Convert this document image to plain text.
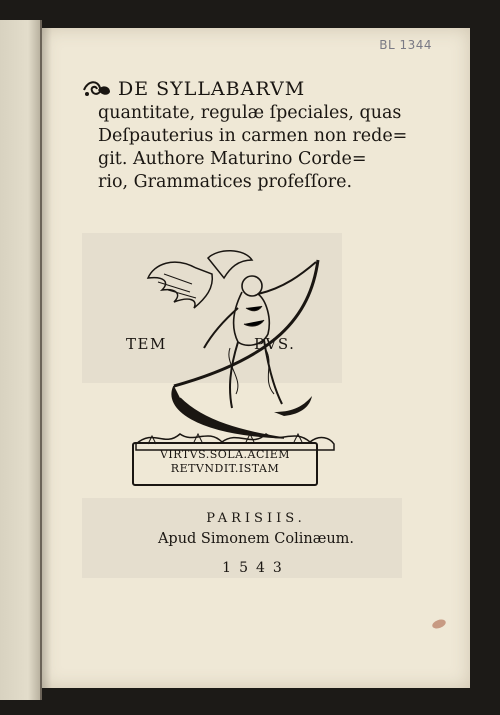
BL 1344
DE SYLLABARVM
quantitate, regulæ ſpeciales, quas
Deſpauterius in carmen non rede=
git. Authore Maturino Corde=
rio, Grammatices profeſſore.
TEM	PVS.
VIRTVS.SOLA.ACIEM
RETVNDIT.ISTAM
PARISIIS.
Apud Simonem Colinæum.
1543
